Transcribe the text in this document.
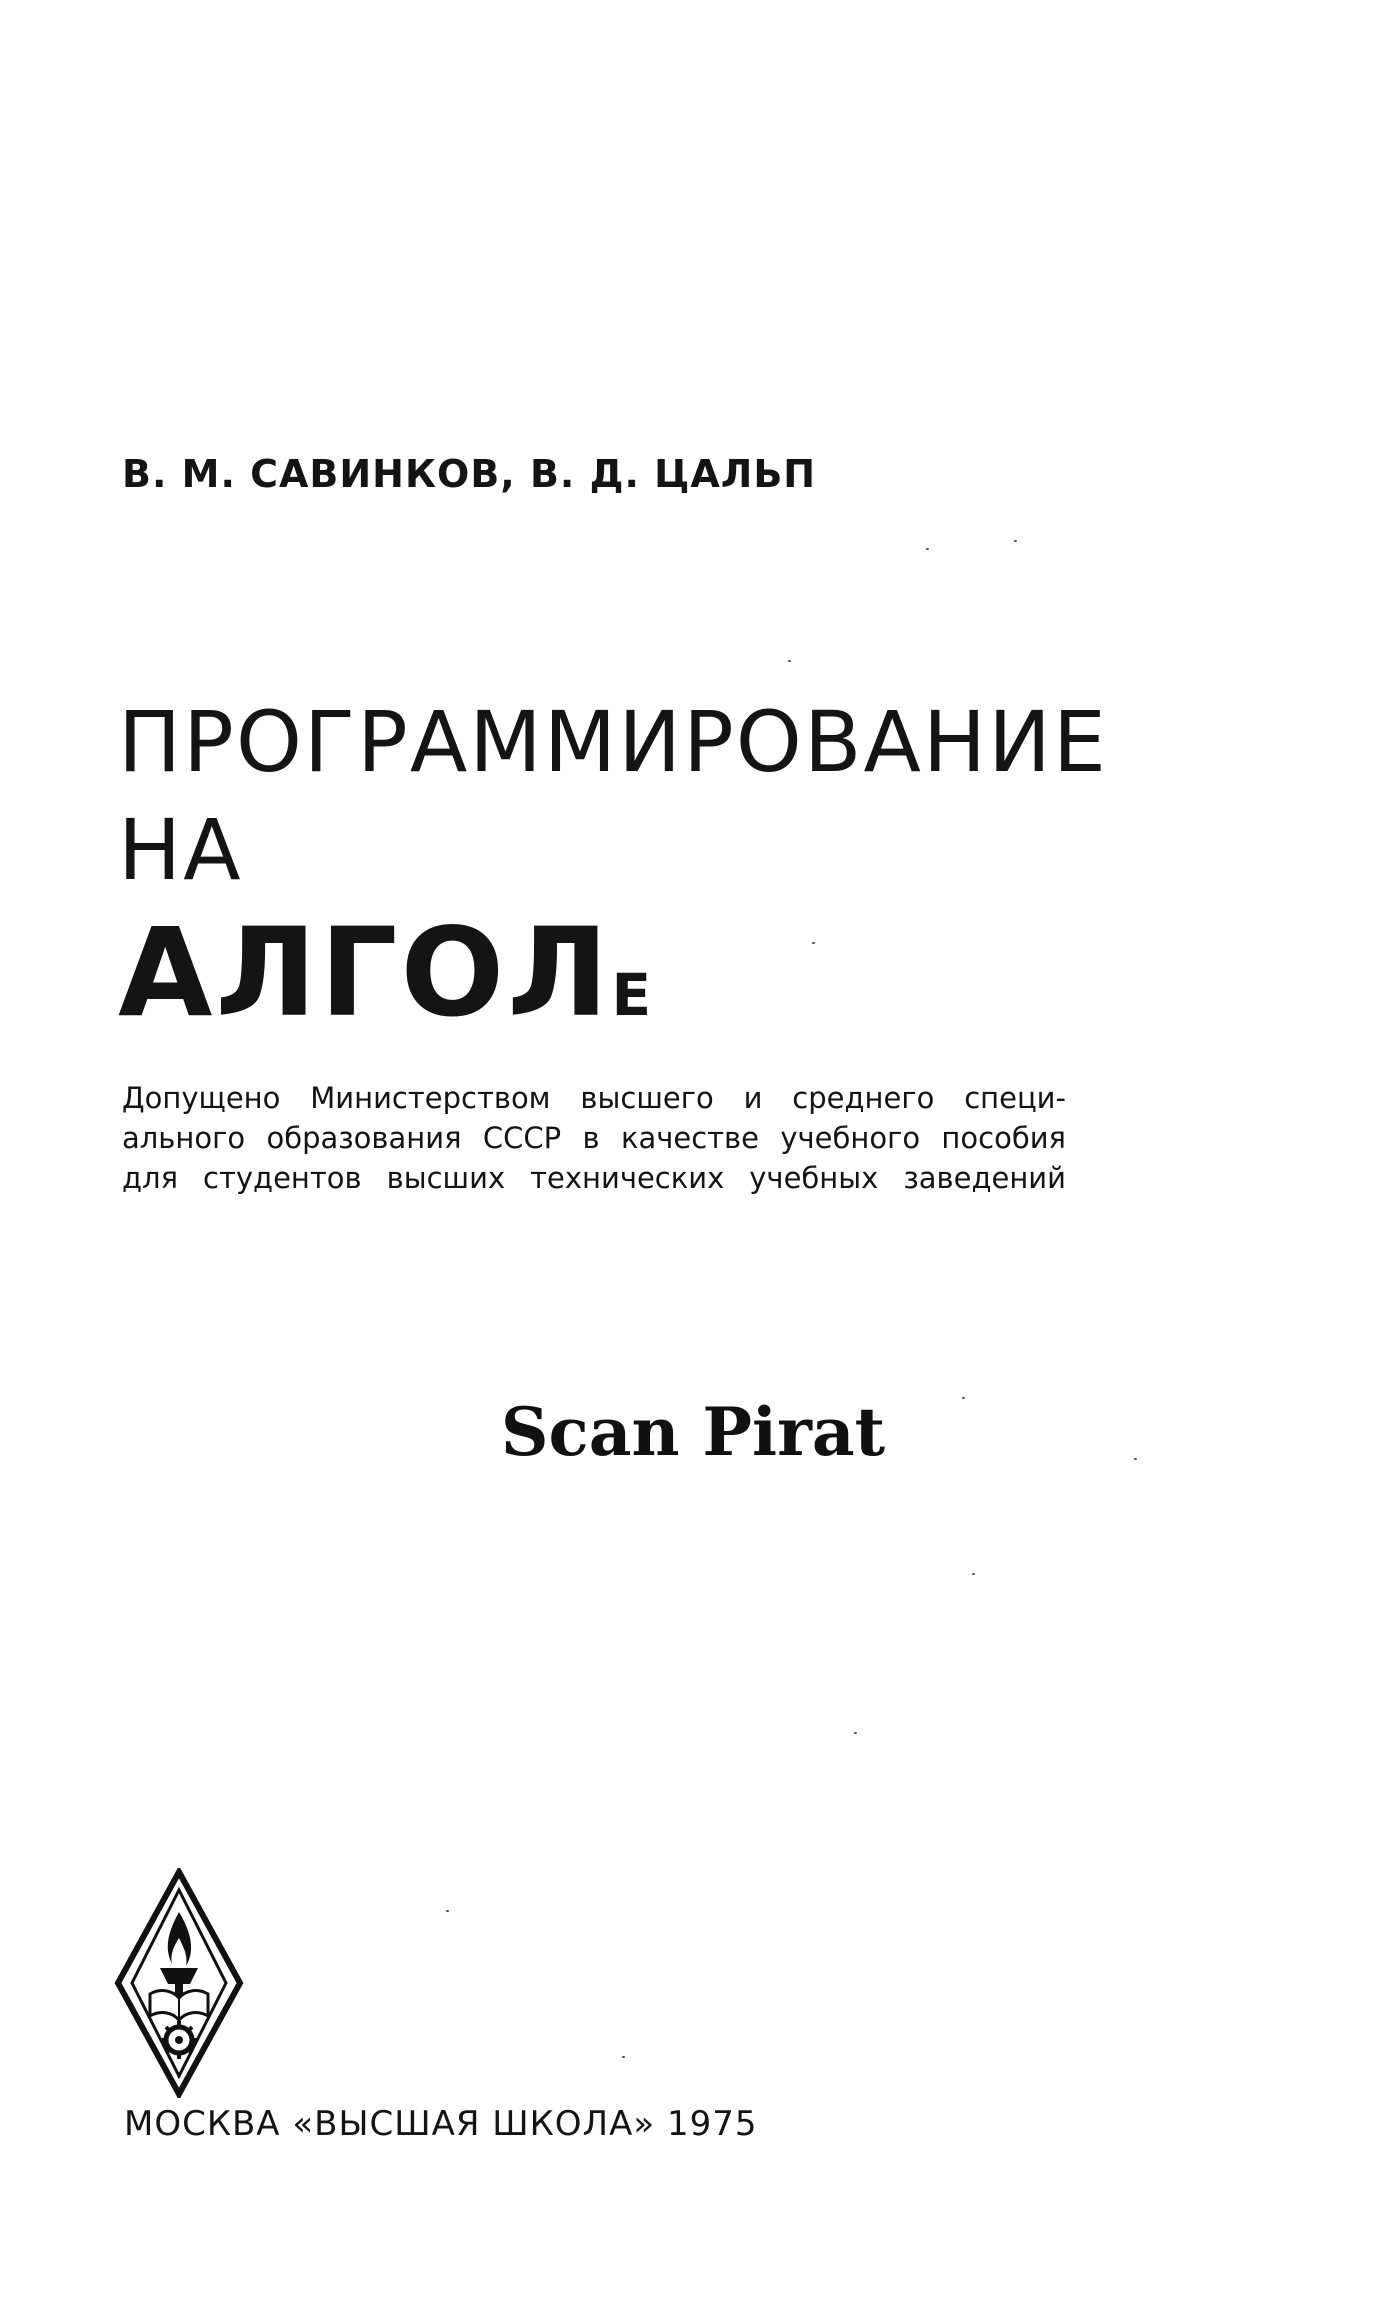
В. М. САВИНКОВ, В. Д. ЦАЛЬП
ПРОГРАММИРОВАНИЕ
НА
АЛГОЛЕ
Допущено Министерством высшего и среднего специ-
ального образования СССР в качестве учебного пособия
для студентов высших технических учебных заведений
Scan Pirat
МОСКВА «ВЫСШАЯ ШКОЛА» 1975
